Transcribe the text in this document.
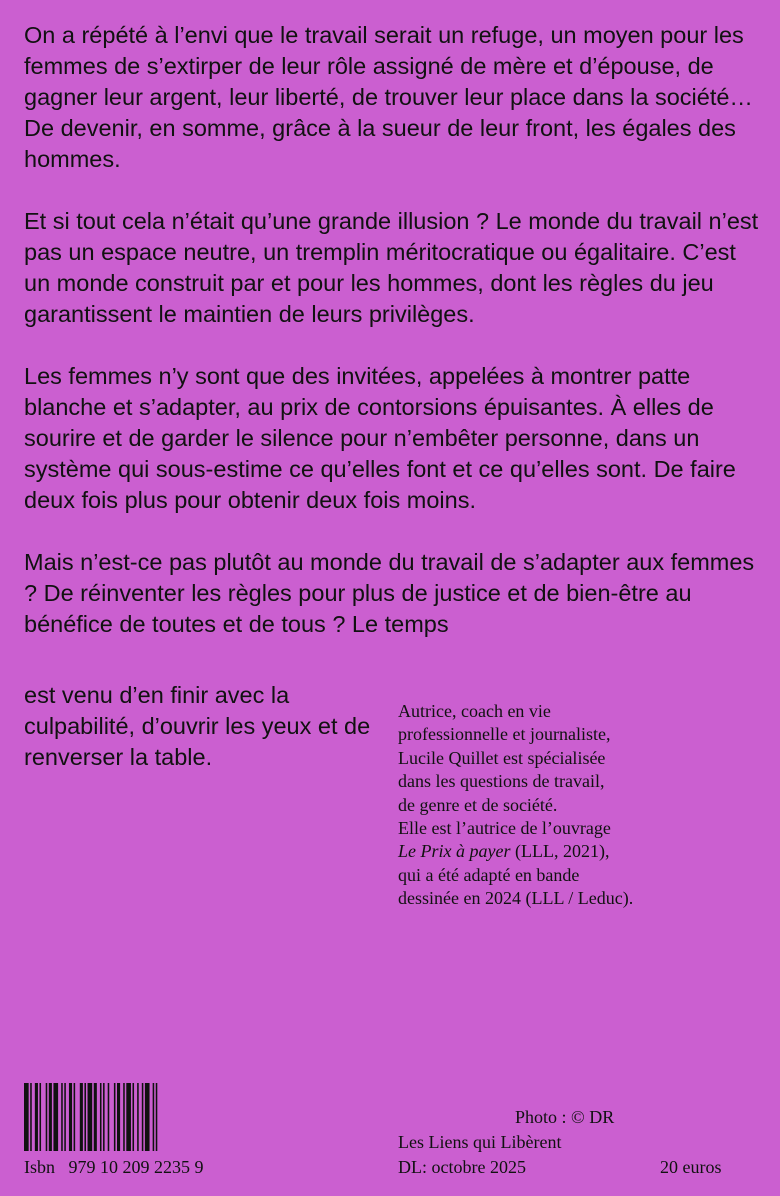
On a répété à l’envi que le travail serait un refuge, un moyen pour les femmes de s’extirper de leur rôle assigné de mère et d’épouse, de gagner leur argent, leur liberté, de trouver leur place dans la société… De devenir, en somme, grâce à la sueur de leur front, les égales des hommes.

Et si tout cela n’était qu’une grande illusion ? Le monde du travail n’est pas un espace neutre, un tremplin méritocratique ou égalitaire. C’est un monde construit par et pour les hommes, dont les règles du jeu garantissent le maintien de leurs privilèges.

Les femmes n’y sont que des invitées, appelées à montrer patte blanche et s’adapter, au prix de contorsions épuisantes. À elles de sourire et de garder le silence pour n’embêter personne, dans un système qui sous-estime ce qu’elles font et ce qu’elles sont. De faire deux fois plus pour obtenir deux fois moins.

Mais n’est-ce pas plutôt au monde du travail de s’adapter aux femmes ? De réinventer les règles pour plus de justice et de bien-être au bénéfice de toutes et de tous ? Le temps

est venu d’en finir avec la culpabilité, d’ouvrir les yeux et de renverser la table.

Autrice, coach en vie
professionnelle et journaliste,
Lucile Quillet est spécialisée
dans les questions de travail,
de genre et de société.
Elle est l’autrice de l’ouvrage
Le Prix à payer (LLL, 2021),
qui a été adapté en bande
dessinée en 2024 (LLL / Leduc).
Isbn   979 10 209 2235 9
Photo : © DR
Les Liens qui Libèrent
DL: octobre 2025	20 euros
